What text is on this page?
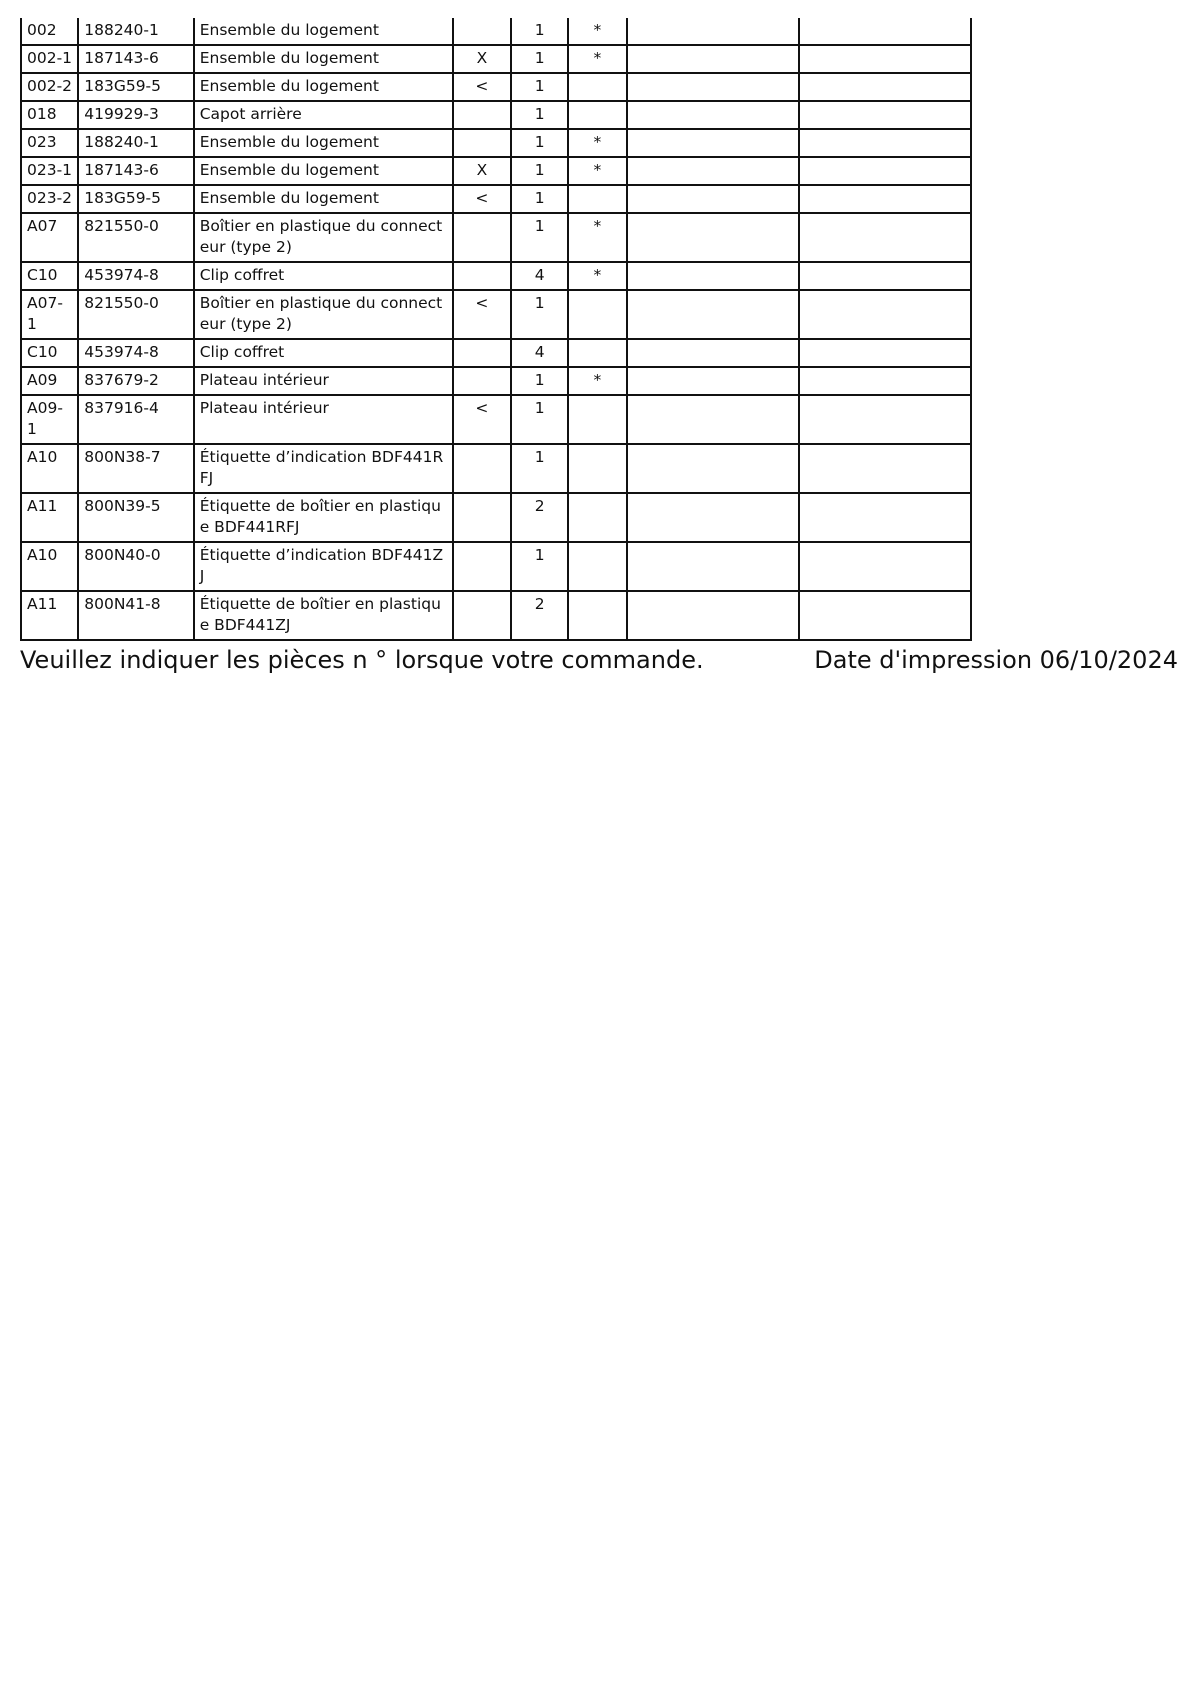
002	188240-1	Ensemble du logement		1	*		
002-1	187143-6	Ensemble du logement	X	1	*		
002-2	183G59-5	Ensemble du logement	<	1			
018	419929-3	Capot arrière		1			
023	188240-1	Ensemble du logement		1	*		
023-1	187143-6	Ensemble du logement	X	1	*		
023-2	183G59-5	Ensemble du logement	<	1			
A07	821550-0	Boîtier en plastique du connecteur (type 2)		1	*		
C10	453974-8	Clip coffret		4	*		
A07-1	821550-0	Boîtier en plastique du connecteur (type 2)	<	1			
C10	453974-8	Clip coffret		4			
A09	837679-2	Plateau intérieur		1	*		
A09-1	837916-4	Plateau intérieur	<	1			
A10	800N38-7	Étiquette d’indication BDF441RFJ		1			
A11	800N39-5	Étiquette de boîtier en plastique BDF441RFJ		2			
A10	800N40-0	Étiquette d’indication BDF441ZJ		1			
A11	800N41-8	Étiquette de boîtier en plastique BDF441ZJ		2			
Veuillez indiquer les pièces n ° lorsque votre commande.	Date d'impression 06/10/2024
